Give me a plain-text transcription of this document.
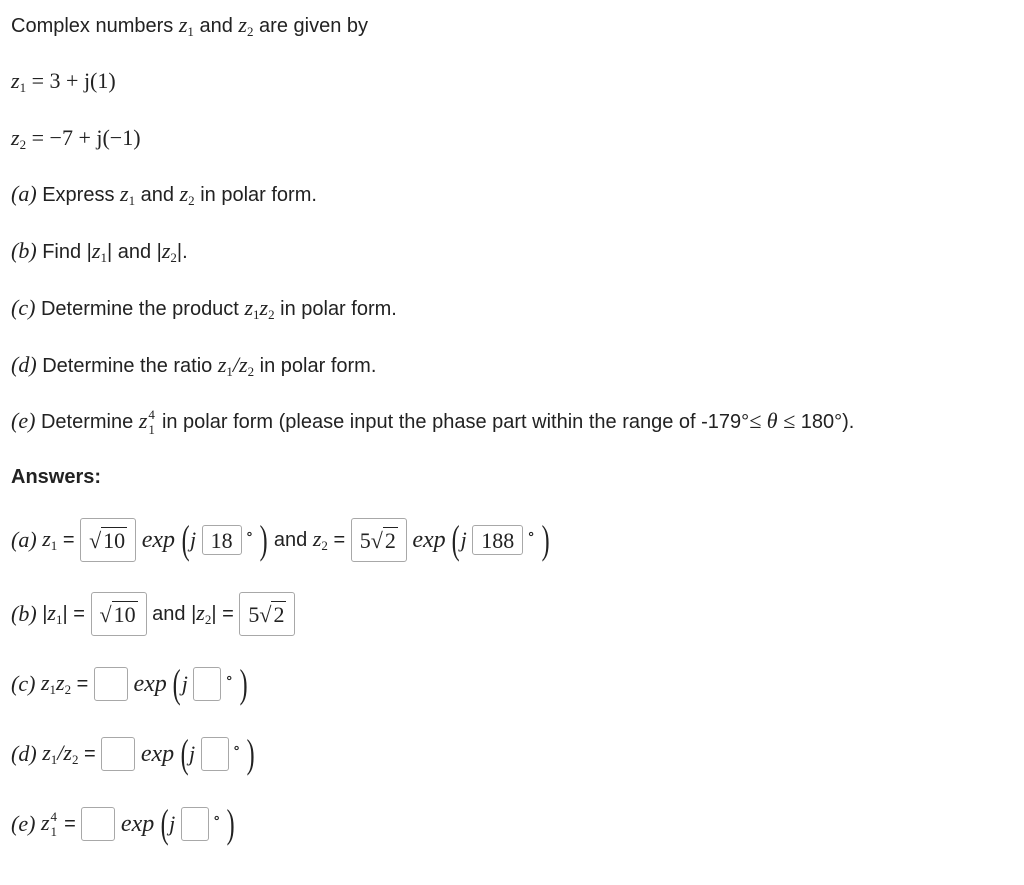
Complex numbers $z_1$ and $z_2$ are given by
$z_1 = 3 + j(1)$
$z_2 = -7 + j(-1)$
(a) Express $z_1$ and $z_2$ in polar form.
(b) Find $|z_1|$ and $|z_2|$.
(c) Determine the product $z_1z_2$ in polar form.
(d) Determine the ratio $z_1/z_2$ in polar form.
(e) Determine z 4
1 in polar form (please input the phase part within the range of -179°≤ θ ≤ 180°).
Answers:
(a) $z_1 = √10$ exp (j 18 ∘ ) and $z_2 = 5√2$ exp (j 188 ∘ )
(b) $|z_1| = √10$ and $|z_2| = 5√2$
(c) $z_1z_2 = \exp (j$ ∘ )
(d) $z_1/z_2 = \exp (j$ ∘ )
(e) z 4
1 = exp (j ∘ )
